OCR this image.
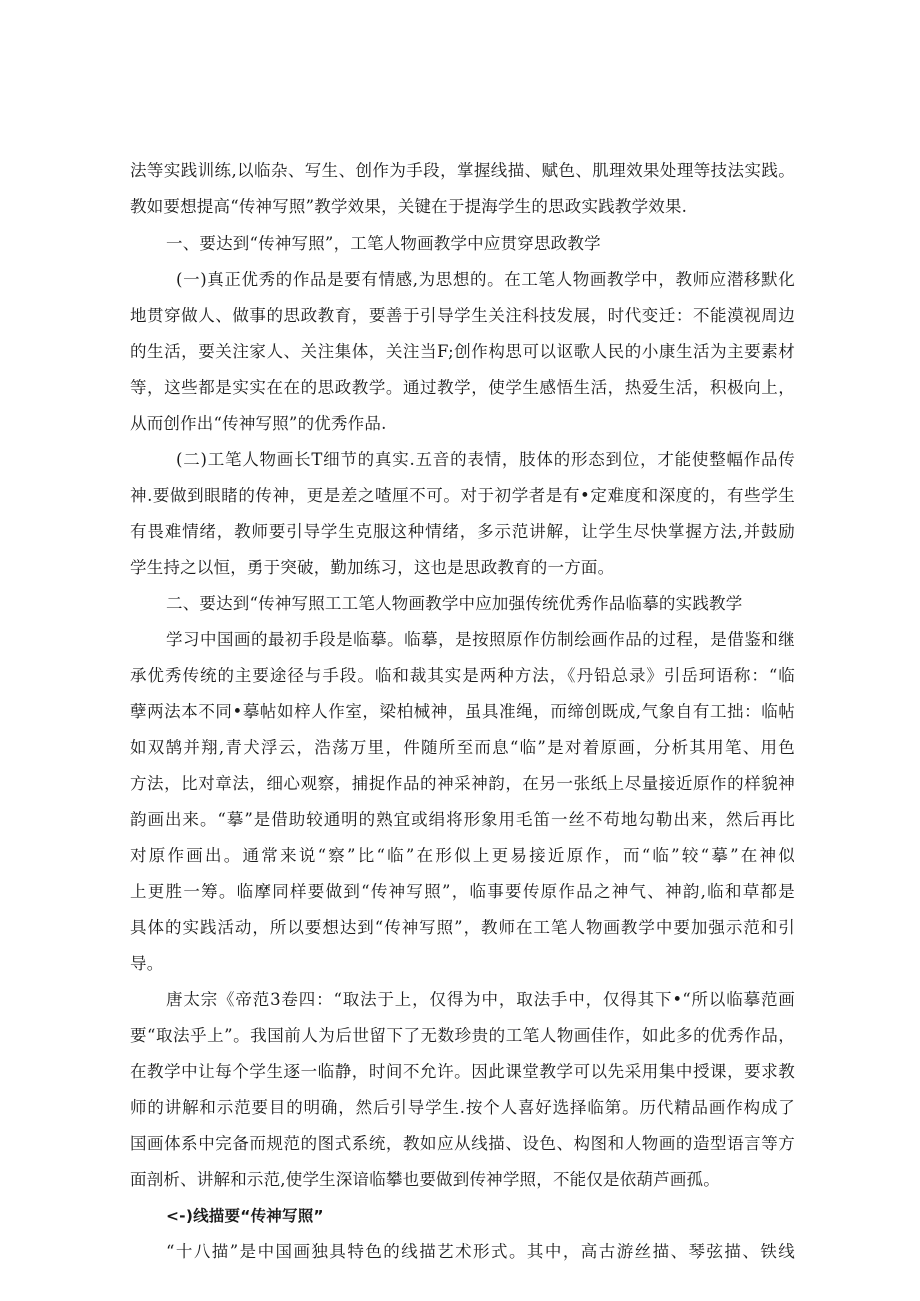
法等实践训练,以临杂、写生、创作为手段，掌握线描、赋色、肌理效果处理等技法实践。
教如要想提高“传神写照”教学效果，关键在于提海学生的思政实践教学效果.
一、要达到“传神写照”，工笔人物画教学中应贯穿思政教学
(一)真正优秀的作品是要有情感,为思想的。在工笔人物画教学中，教师应潜移默化
地贯穿做人、做事的思政教育，要善于引导学生关注科技发展，时代变迁：不能漠视周边
的生活，要关注家人、关注集体，关注当F;创作构思可以讴歌人民的小康生活为主要素材
等，这些都是实实在在的思政教学。通过教学，使学生感悟生活，热爱生活，积极向上，
从而创作出“传神写照”的优秀作品.
(二)工笔人物画长T细节的真实.五音的表情，肢体的形态到位，才能使整幅作品传
神.要做到眼睹的传神，更是差之喳厘不可。对于初学者是有•定难度和深度的，有些学生
有畏难情绪，教师要引导学生克服这种情绪，多示范讲解，让学生尽快掌握方法,并鼓励
学生持之以恒，勇于突破，勤加练习，这也是思政教育的一方面。
二、要达到“传神写照工工笔人物画教学中应加强传统优秀作品临摹的实践教学
学习中国画的最初手段是临摹。临摹，是按照原作仿制绘画作品的过程，是借鉴和继
承优秀传统的主要途径与手段。临和裁其实是两种方法，《丹铅总录》引岳珂语称：“临
孽两法本不同•摹帖如梓人作室，梁柏械神，虽具准绳，而缔创既成,气象自有工拙：临帖
如双鹄并翔,青犬浮云，浩荡万里，件随所至而息“临”是对着原画，分析其用笔、用色
方法，比对章法，细心观察，捕捉作品的神采神韵，在另一张纸上尽量接近原作的样貌神
韵画出来。“摹”是借助较通明的熟宜或绢将形象用毛笛一丝不苟地勾勒出来，然后再比
对原作画出。通常来说“察”比“临”在形似上更易接近原作，而“临”较“摹”在神似
上更胜一筹。临摩同样要做到“传神写照”，临事要传原作品之神气、神韵,临和草都是
具体的实践活动，所以要想达到“传神写照”，教师在工笔人物画教学中要加强示范和引
导。
唐太宗《帝范3卷四：“取法于上，仅得为中，取法手中，仅得其下•“所以临摹范画
要“取法乎上”。我国前人为后世留下了无数珍贵的工笔人物画佳作，如此多的优秀作品，
在教学中让每个学生逐一临静，时间不允许。因此课堂教学可以先采用集中授课，要求教
师的讲解和示范要目的明确，然后引导学生.按个人喜好选择临第。历代精品画作构成了
国画体系中完备而规范的图式系统，教如应从线描、设色、构图和人物画的造型语言等方
面剖析、讲解和示范,使学生深谙临攀也要做到传神学照，不能仅是依葫芦画孤。
<-)线描要“传神写照”
“十八描”是中国画独具特色的线描艺术形式。其中，高古游丝描、琴弦描、铁线
